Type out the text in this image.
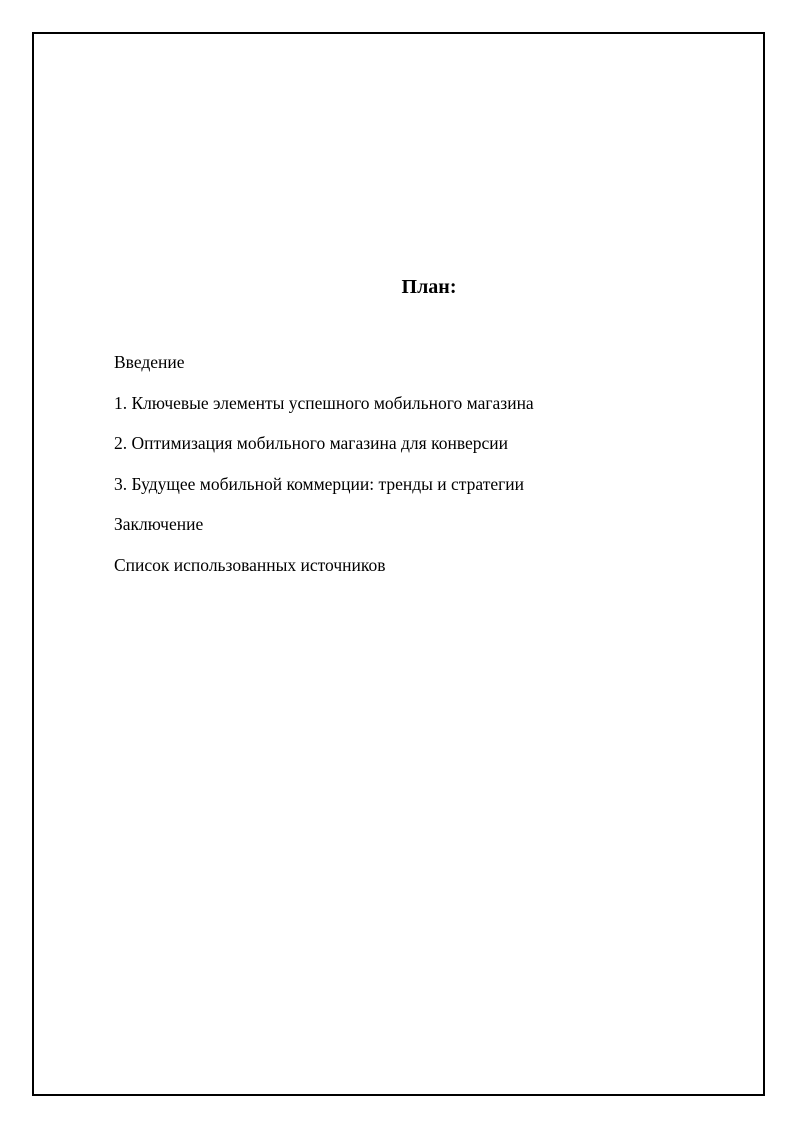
План:
Введение
1. Ключевые элементы успешного мобильного магазина
2. Оптимизация мобильного магазина для конверсии
3. Будущее мобильной коммерции: тренды и стратегии
Заключение
Список использованных источников
